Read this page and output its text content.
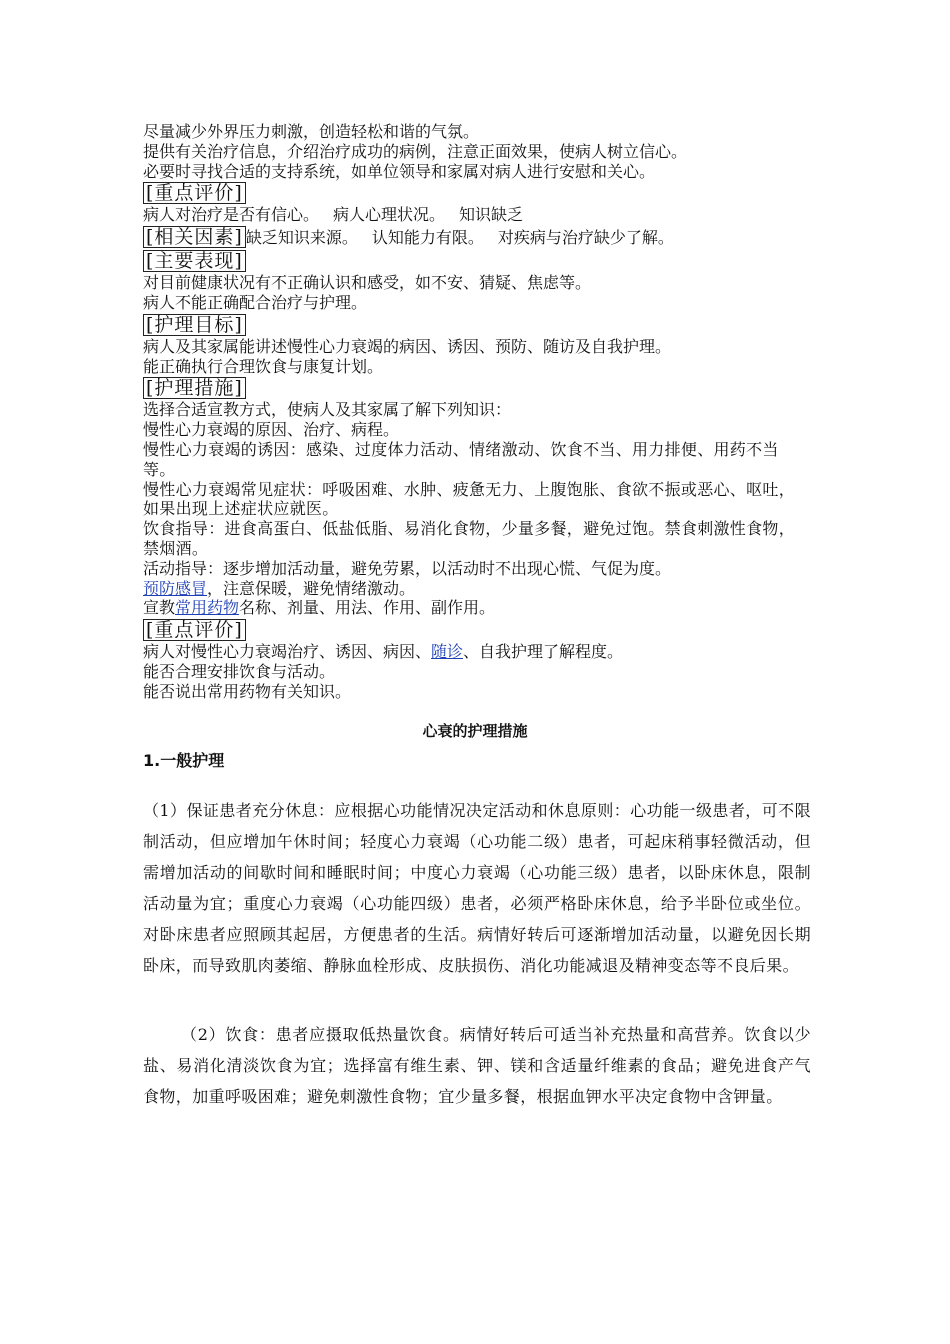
尽量减少外界压力刺激，创造轻松和谐的气氛。

提供有关治疗信息，介绍治疗成功的病例，注意正面效果，使病人树立信心。

必要时寻找合适的支持系统，如单位领导和家属对病人进行安慰和关心。

[重点评价]

病人对治疗是否有信心。 病人心理状况。 知识缺乏

[相关因素] 缺乏知识来源。 认知能力有限。 对疾病与治疗缺少了解。
[主要表现]

对目前健康状况有不正确认识和感受，如不安、猜疑、焦虑等。

病人不能正确配合治疗与护理。

[护理目标]

病人及其家属能讲述慢性心力衰竭的病因、诱因、预防、随访及自我护理。

能正确执行合理饮食与康复计划。

[护理措施]

选择合适宣教方式，使病人及其家属了解下列知识：

慢性心力衰竭的原因、治疗、病程。

慢性心力衰竭的诱因：感染、过度体力活动、情绪激动、饮食不当、用力排便、用药不当等。

慢性心力衰竭常见症状：呼吸困难、水肿、疲惫无力、上腹饱胀、食欲不振或恶心、呕吐，如果出现上述症状应就医。

饮食指导：进食高蛋白、低盐低脂、易消化食物，少量多餐，避免过饱。禁食刺激性食物，禁烟酒。

活动指导：逐步增加活动量，避免劳累，以活动时不出现心慌、气促为度。

预防感冒，注意保暖，避免情绪激动。

宣教常用药物名称、剂量、用法、作用、副作用。

[重点评价]

病人对慢性心力衰竭治疗、诱因、病因、随诊、自我护理了解程度。

能否合理安排饮食与活动。

能否说出常用药物有关知识。

心衰的护理措施
1.一般护理

（1）保证患者充分休息：应根据心功能情况决定活动和休息原则：心功能一级患者，可不限制活动，但应增加午休时间；轻度心力衰竭（心功能二级）患者，可起床稍事轻微活动，但需增加活动的间歇时间和睡眠时间；中度心力衰竭（心功能三级）患者，以卧床休息，限制活动量为宜；重度心力衰竭（心功能四级）患者，必须严格卧床休息，给予半卧位或坐位。对卧床患者应照顾其起居，方便患者的生活。病情好转后可逐渐增加活动量，以避免因长期卧床，而导致肌肉萎缩、静脉血栓形成、皮肤损伤、消化功能减退及精神变态等不良后果。

（2）饮食：患者应摄取低热量饮食。病情好转后可适当补充热量和高营养。饮食以少盐、易消化清淡饮食为宜；选择富有维生素、钾、镁和含适量纤维素的食品；避免进食产气食物，加重呼吸困难；避免刺激性食物；宜少量多餐，根据血钾水平决定食物中含钾量。
